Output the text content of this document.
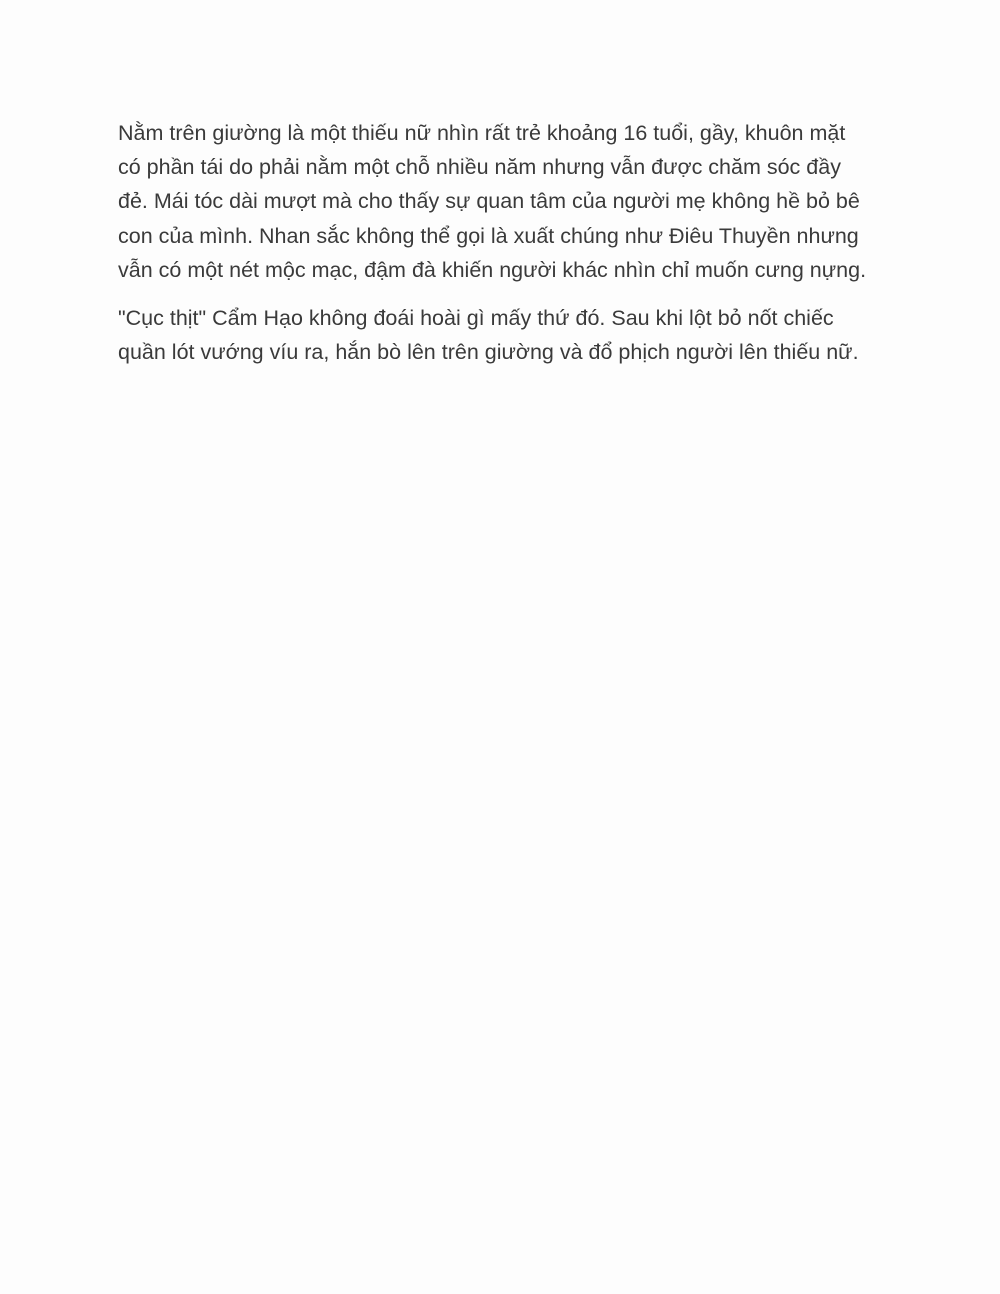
Nằm trên giường là một thiếu nữ nhìn rất trẻ khoảng 16 tuổi, gầy, khuôn mặt
có phần tái do phải nằm một chỗ nhiều năm nhưng vẫn được chăm sóc đầy
đẻ. Mái tóc dài mượt mà cho thấy sự quan tâm của người mẹ không hề bỏ bê
con của mình. Nhan sắc không thể gọi là xuất chúng như Điêu Thuyền nhưng
vẫn có một nét mộc mạc, đậm đà khiến người khác nhìn chỉ muốn cưng nựng.

"Cục thịt" Cẩm Hạo không đoái hoài gì mấy thứ đó. Sau khi lột bỏ nốt chiếc
quần lót vướng víu ra, hắn bò lên trên giường và đổ phịch người lên thiếu nữ.
